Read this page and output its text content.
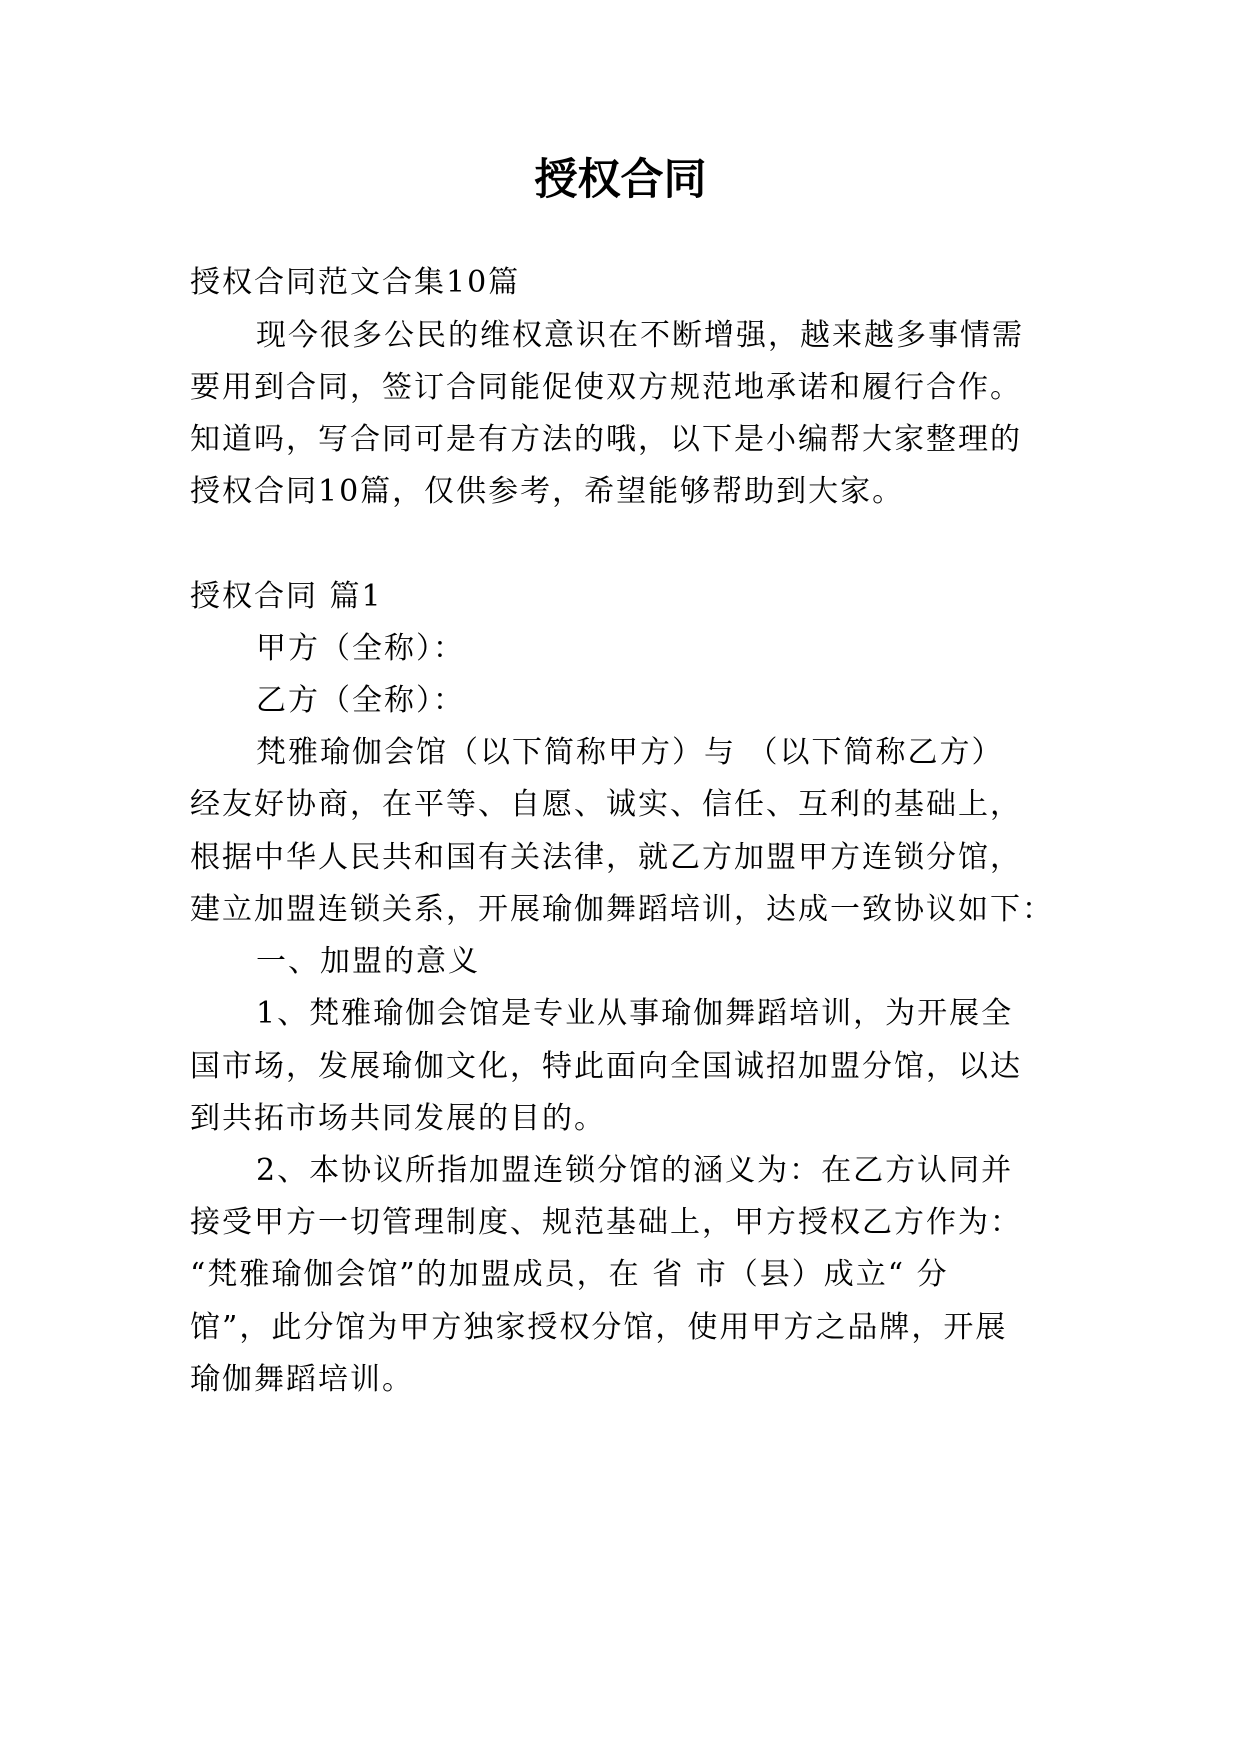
授权合同
授权合同范文合集10篇
现今很多公民的维权意识在不断增强，越来越多事情需
要用到合同，签订合同能促使双方规范地承诺和履行合作。
知道吗，写合同可是有方法的哦，以下是小编帮大家整理的
授权合同10篇，仅供参考，希望能够帮助到大家。
授权合同 篇1
甲方（全称）：
乙方（全称）：
梵雅瑜伽会馆（以下简称甲方）与 （以下简称乙方）
经友好协商，在平等、自愿、诚实、信任、互利的基础上，
根据中华人民共和国有关法律，就乙方加盟甲方连锁分馆，
建立加盟连锁关系，开展瑜伽舞蹈培训，达成一致协议如下：
一、加盟的意义
1、梵雅瑜伽会馆是专业从事瑜伽舞蹈培训，为开展全
国市场，发展瑜伽文化，特此面向全国诚招加盟分馆，以达
到共拓市场共同发展的目的。
2、本协议所指加盟连锁分馆的涵义为：在乙方认同并
接受甲方一切管理制度、规范基础上，甲方授权乙方作为：
“梵雅瑜伽会馆”的加盟成员，在 省 市（县）成立“ 分
馆”，此分馆为甲方独家授权分馆，使用甲方之品牌，开展
瑜伽舞蹈培训。
